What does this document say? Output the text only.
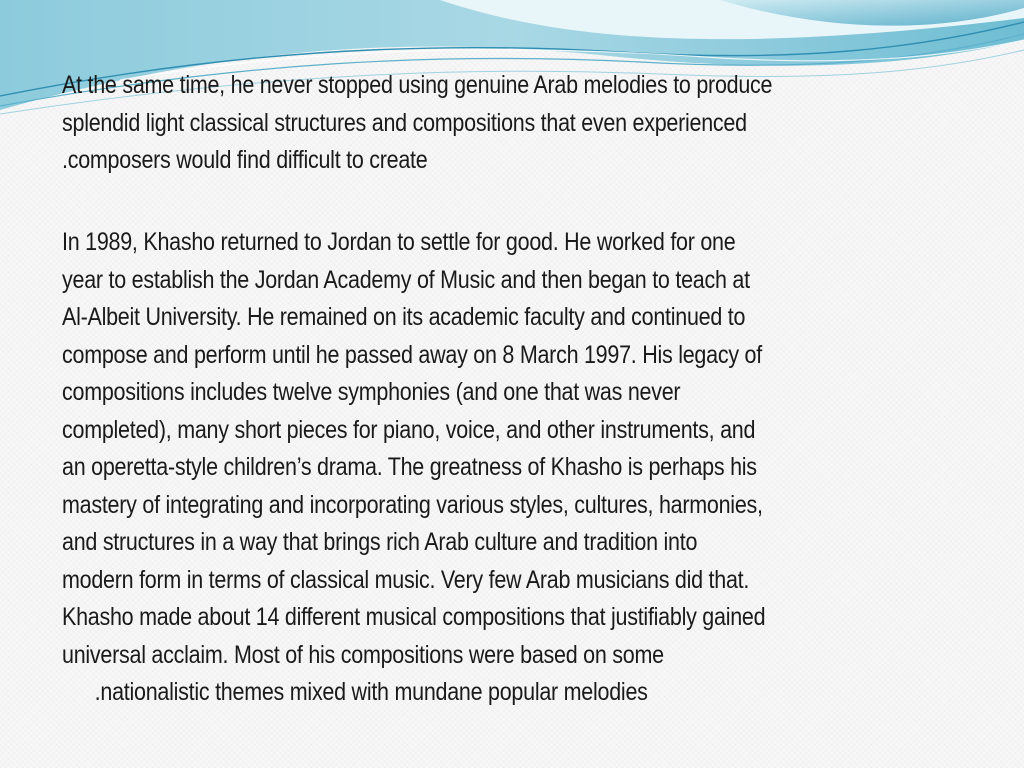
At the same time, he never stopped using genuine Arab melodies to produce
splendid light classical structures and compositions that even experienced
.composers would find difficult to create

In 1989, Khasho returned to Jordan to settle for good. He worked for one
year to establish the Jordan Academy of Music and then began to teach at
Al-Albeit University. He remained on its academic faculty and continued to
compose and perform until he passed away on 8 March 1997. His legacy of
compositions includes twelve symphonies (and one that was never
completed), many short pieces for piano, voice, and other instruments, and
an operetta-style children’s drama. The greatness of Khasho is perhaps his
mastery of integrating and incorporating various styles, cultures, harmonies,
and structures in a way that brings rich Arab culture and tradition into
modern form in terms of classical music. Very few Arab musicians did that.
Khasho made about 14 different musical compositions that justifiably gained
universal acclaim. Most of his compositions were based on some
.nationalistic themes mixed with mundane popular melodies
